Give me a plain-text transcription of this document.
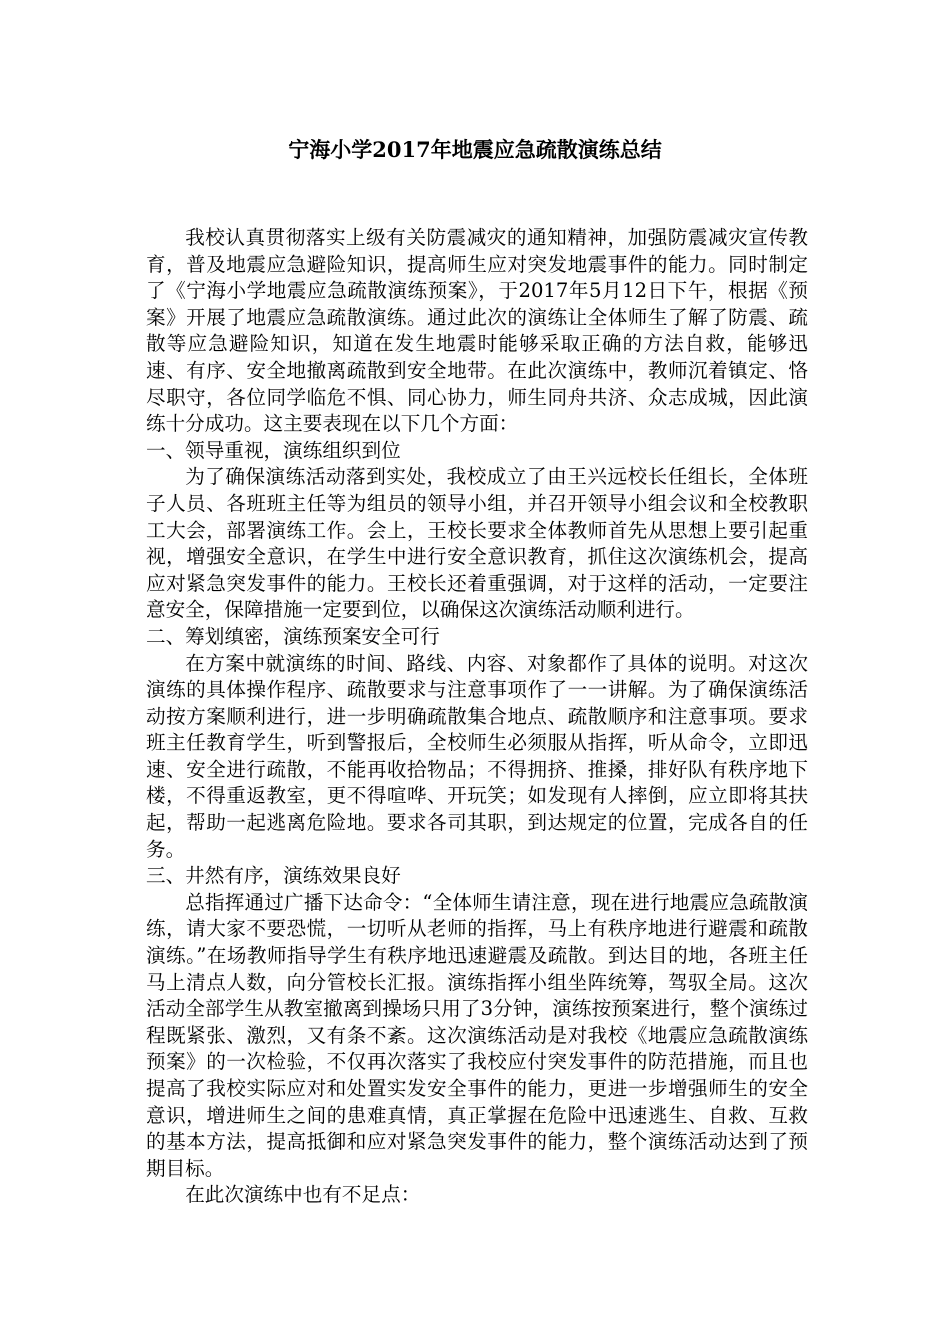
宁海小学2017年地震应急疏散演练总结

我校认真贯彻落实上级有关防震减灾的通知精神，加强防震减灾宣传教育，普及地震应急避险知识，提高师生应对突发地震事件的能力。同时制定了《宁海小学地震应急疏散演练预案》，于2017年5月12日下午，根据《预案》开展了地震应急疏散演练。通过此次的演练让全体师生了解了防震、疏散等应急避险知识，知道在发生地震时能够采取正确的方法自救，能够迅速、有序、安全地撤离疏散到安全地带。在此次演练中，教师沉着镇定、恪尽职守，各位同学临危不惧、同心协力，师生同舟共济、众志成城，因此演练十分成功。这主要表现在以下几个方面：

一、领导重视，演练组织到位

为了确保演练活动落到实处，我校成立了由王兴远校长任组长，全体班子人员、各班班主任等为组员的领导小组，并召开领导小组会议和全校教职工大会，部署演练工作。会上，王校长要求全体教师首先从思想上要引起重视，增强安全意识，在学生中进行安全意识教育，抓住这次演练机会，提高应对紧急突发事件的能力。王校长还着重强调，对于这样的活动，一定要注意安全，保障措施一定要到位，以确保这次演练活动顺利进行。

二、筹划缜密，演练预案安全可行

在方案中就演练的时间、路线、内容、对象都作了具体的说明。对这次演练的具体操作程序、疏散要求与注意事项作了一一讲解。为了确保演练活动按方案顺利进行，进一步明确疏散集合地点、疏散顺序和注意事项。要求班主任教育学生，听到警报后，全校师生必须服从指挥，听从命令，立即迅速、安全进行疏散，不能再收拾物品；不得拥挤、推搡，排好队有秩序地下楼，不得重返教室，更不得喧哗、开玩笑；如发现有人摔倒，应立即将其扶起，帮助一起逃离危险地。要求各司其职，到达规定的位置，完成各自的任务。

三、井然有序，演练效果良好

总指挥通过广播下达命令：“全体师生请注意，现在进行地震应急疏散演练，请大家不要恐慌，一切听从老师的指挥，马上有秩序地进行避震和疏散演练。”在场教师指导学生有秩序地迅速避震及疏散。到达目的地，各班主任马上清点人数，向分管校长汇报。演练指挥小组坐阵统筹，驾驭全局。这次活动全部学生从教室撤离到操场只用了3分钟，演练按预案进行，整个演练过程既紧张、激烈，又有条不紊。这次演练活动是对我校《地震应急疏散演练预案》的一次检验，不仅再次落实了我校应付突发事件的防范措施，而且也提高了我校实际应对和处置实发安全事件的能力，更进一步增强师生的安全意识，增进师生之间的患难真情，真正掌握在危险中迅速逃生、自救、互救的基本方法，提高抵御和应对紧急突发事件的能力，整个演练活动达到了预期目标。

在此次演练中也有不足点：
